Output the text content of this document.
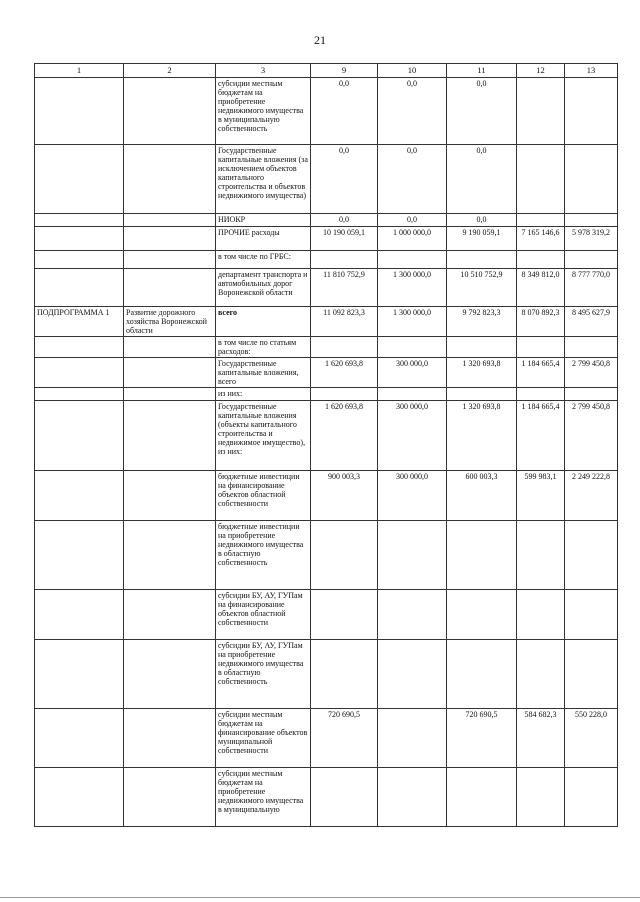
21
1	2	3	9	10	11	12	13
		субсидии местным бюджетам на приобретение недвижимого имущества в муниципальную собственность	0,0	0,0	0,0		
		Государственные капитальные вложения (за исключением объектов капитального строительства и объектов недвижимого имущества)	0,0	0,0	0,0		
		НИОКР	0,0	0,0	0,0		
		ПРОЧИЕ расходы	10 190 059,1	1 000 000,0	9 190 059,1	7 165 146,6	5 978 319,2
		в том числе по ГРБС:					
		департамент транспорта и автомобильных дорог Воронежской области	11 810 752,9	1 300 000,0	10 510 752,9	8 349 812,0	8 777 770,0
ПОДПРОГРАММА 1	Развитие дорожного хозяйства Воронежской области	всего	11 092 823,3	1 300 000,0	9 792 823,3	8 070 892,3	8 495 627,9
		в том числе по статьям расходов:					
		Государственные капитальные вложения, всего	1 620 693,8	300 000,0	1 320 693,8	1 184 665,4	2 799 450,8
		из них:					
		Государственные капитальные вложения (объекты капитального строительства и недвижимое имущество), из них:	1 620 693,8	300 000,0	1 320 693,8	1 184 665,4	2 799 450,8
		бюджетные инвестиции на финансирование объектов областной собственности	900 003,3	300 000,0	600 003,3	599 983,1	2 249 222,8
		бюджетные инвестиции на приобретение недвижимого имущества в областную собственность					
		субсидии БУ, АУ, ГУПам на финансирование объектов областной собственности					
		субсидии БУ, АУ, ГУПам на приобретение недвижимого имущества в областную собственность					
		субсидии местным бюджетам на финансирование объектов муниципальной собственности	720 690,5		720 690,5	584 682,3	550 228,0
		субсидии местным бюджетам на приобретение недвижимого имущества в муниципальную					
